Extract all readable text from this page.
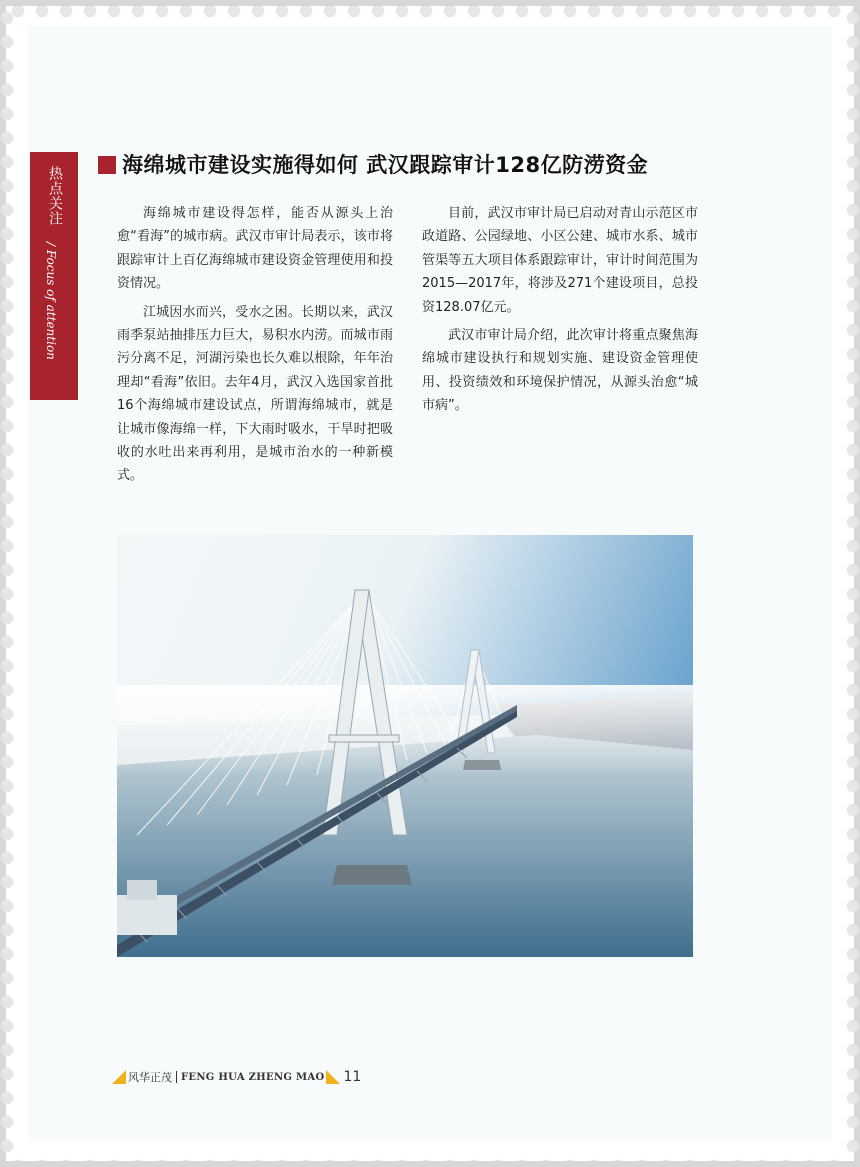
热点关注
/ Focus of attention
海绵城市建设实施得如何 武汉跟踪审计128亿防涝资金

海绵城市建设得怎样，能否从源头上治愈“看海”的城市病。武汉市审计局表示，该市将跟踪审计上百亿海绵城市建设资金管理使用和投资情况。

江城因水而兴，受水之困。长期以来，武汉雨季泵站抽排压力巨大，易积水内涝。而城市雨污分离不足，河湖污染也长久难以根除，年年治理却“看海”依旧。去年4月，武汉入选国家首批16个海绵城市建设试点，所谓海绵城市，就是让城市像海绵一样，下大雨时吸水，干旱时把吸收的水吐出来再利用，是城市治水的一种新模式。

目前，武汉市审计局已启动对青山示范区市政道路、公园绿地、小区公建、城市水系、城市管渠等五大项目体系跟踪审计，审计时间范围为2015—2017年，将涉及271个建设项目，总投资128.07亿元。

武汉市审计局介绍，此次审计将重点聚焦海绵城市建设执行和规划实施、建设资金管理使用、投资绩效和环境保护情况，从源头治愈“城市病”。

风华正茂 FENG HUA ZHENG MAO 11
